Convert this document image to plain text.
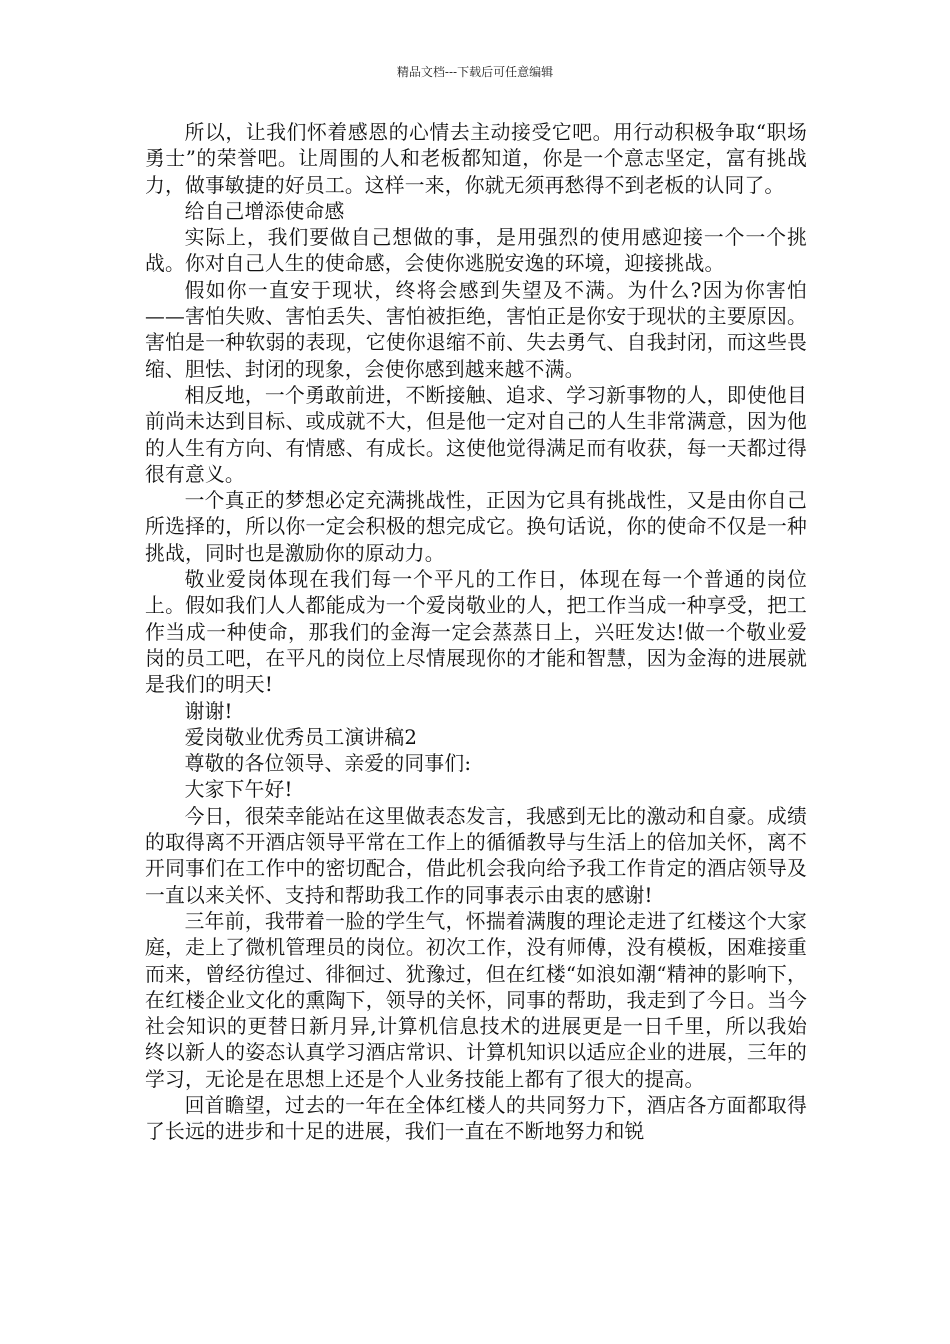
精品文档---下载后可任意编辑

所以，让我们怀着感恩的心情去主动接受它吧。用行动积极争取“职场勇士”的荣誉吧。让周围的人和老板都知道，你是一个意志坚定，富有挑战力，做事敏捷的好员工。这样一来，你就无须再愁得不到老板的认同了。

给自己增添使命感

实际上，我们要做自己想做的事，是用强烈的使用感迎接一个一个挑战。你对自己人生的使命感，会使你逃脱安逸的环境，迎接挑战。

假如你一直安于现状，终将会感到失望及不满。为什么?因为你害怕——害怕失败、害怕丢失、害怕被拒绝，害怕正是你安于现状的主要原因。害怕是一种软弱的表现，它使你退缩不前、失去勇气、自我封闭，而这些畏缩、胆怯、封闭的现象，会使你感到越来越不满。

相反地，一个勇敢前进，不断接触、追求、学习新事物的人，即使他目前尚未达到目标、或成就不大，但是他一定对自己的人生非常满意，因为他的人生有方向、有情感、有成长。这使他觉得满足而有收获，每一天都过得很有意义。

一个真正的梦想必定充满挑战性，正因为它具有挑战性，又是由你自己所选择的，所以你一定会积极的想完成它。换句话说，你的使命不仅是一种挑战，同时也是激励你的原动力。

敬业爱岗体现在我们每一个平凡的工作日，体现在每一个普通的岗位上。假如我们人人都能成为一个爱岗敬业的人，把工作当成一种享受，把工作当成一种使命，那我们的金海一定会蒸蒸日上，兴旺发达!做一个敬业爱岗的员工吧，在平凡的岗位上尽情展现你的才能和智慧，因为金海的进展就是我们的明天!

谢谢!

爱岗敬业优秀员工演讲稿2

尊敬的各位领导、亲爱的同事们:

大家下午好!

今日，很荣幸能站在这里做表态发言，我感到无比的激动和自豪。成绩的取得离不开酒店领导平常在工作上的循循教导与生活上的倍加关怀，离不开同事们在工作中的密切配合，借此机会我向给予我工作肯定的酒店领导及一直以来关怀、支持和帮助我工作的同事表示由衷的感谢!

三年前，我带着一脸的学生气，怀揣着满腹的理论走进了红楼这个大家庭，走上了微机管理员的岗位。初次工作，没有师傅，没有模板，困难接重而来，曾经彷徨过、徘徊过、犹豫过，但在红楼“如浪如潮“精神的影响下，在红楼企业文化的熏陶下，领导的关怀，同事的帮助，我走到了今日。当今社会知识的更替日新月异,计算机信息技术的进展更是一日千里，所以我始终以新人的姿态认真学习酒店常识、计算机知识以适应企业的进展，三年的学习，无论是在思想上还是个人业务技能上都有了很大的提高。

回首瞻望，过去的一年在全体红楼人的共同努力下，酒店各方面都取得了长远的进步和十足的进展，我们一直在不断地努力和锐
